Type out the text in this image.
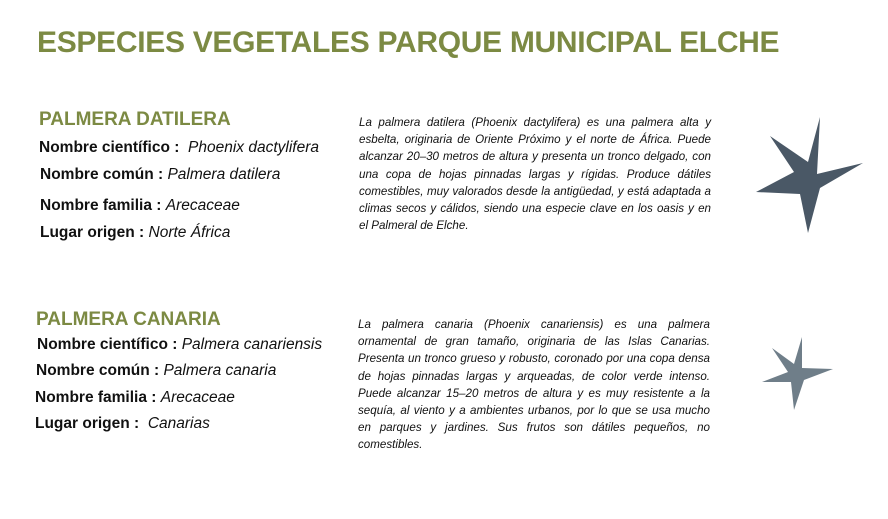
ESPECIES VEGETALES PARQUE MUNICIPAL ELCHE
PALMERA DATILERA

Nombre científico : Phoenix dactylifera

Nombre común : Palmera datilera

Nombre familia : Arecaceae

Lugar origen : Norte África

La palmera datilera (Phoenix dactylifera) es una palmera alta y esbelta, originaria de Oriente Próximo y el norte de África. Puede alcanzar 20–30 metros de altura y presenta un tronco delgado, con una copa de hojas pinnadas largas y rígidas. Produce dátiles comestibles, muy valorados desde la antigüedad, y está adaptada a climas secos y cálidos, siendo una especie clave en los oasis y en el Palmeral de Elche.

PALMERA CANARIA

Nombre científico : Palmera canariensis

Nombre común : Palmera canaria

Nombre familia : Arecaceae

Lugar origen : Canarias

La palmera canaria (Phoenix canariensis) es una palmera ornamental de gran tamaño, originaria de las Islas Canarias. Presenta un tronco grueso y robusto, coronado por una copa densa de hojas pinnadas largas y arqueadas, de color verde intenso. Puede alcanzar 15–20 metros de altura y es muy resistente a la sequía, al viento y a ambientes urbanos, por lo que se usa mucho en parques y jardines. Sus frutos son dátiles pequeños, no comestibles.
